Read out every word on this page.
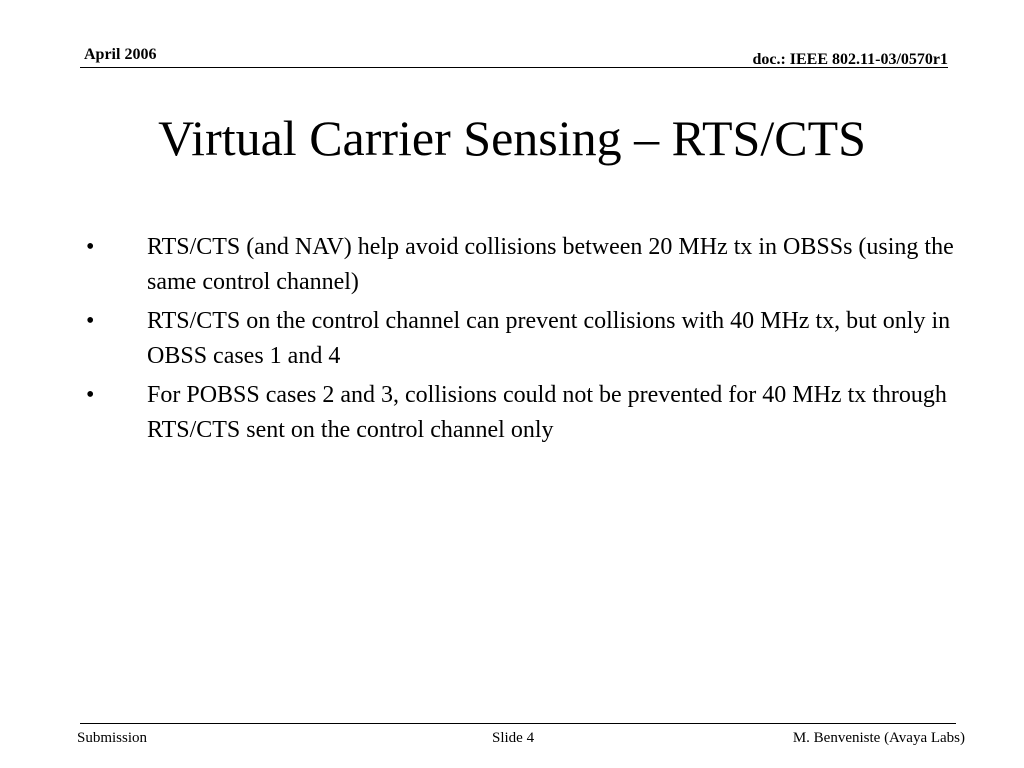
April 2006	doc.: IEEE 802.11-03/0570r1
Virtual Carrier Sensing – RTS/CTS
•	RTS/CTS (and NAV) help avoid collisions between 20 MHz tx in OBSSs (using the same control channel)
•	RTS/CTS on the control channel can prevent collisions with 40 MHz tx, but only in OBSS cases 1 and 4
•	For POBSS cases 2 and 3, collisions could not be prevented for 40 MHz tx through RTS/CTS sent on the control channel only
Submission	Slide 4	M. Benveniste (Avaya Labs)
